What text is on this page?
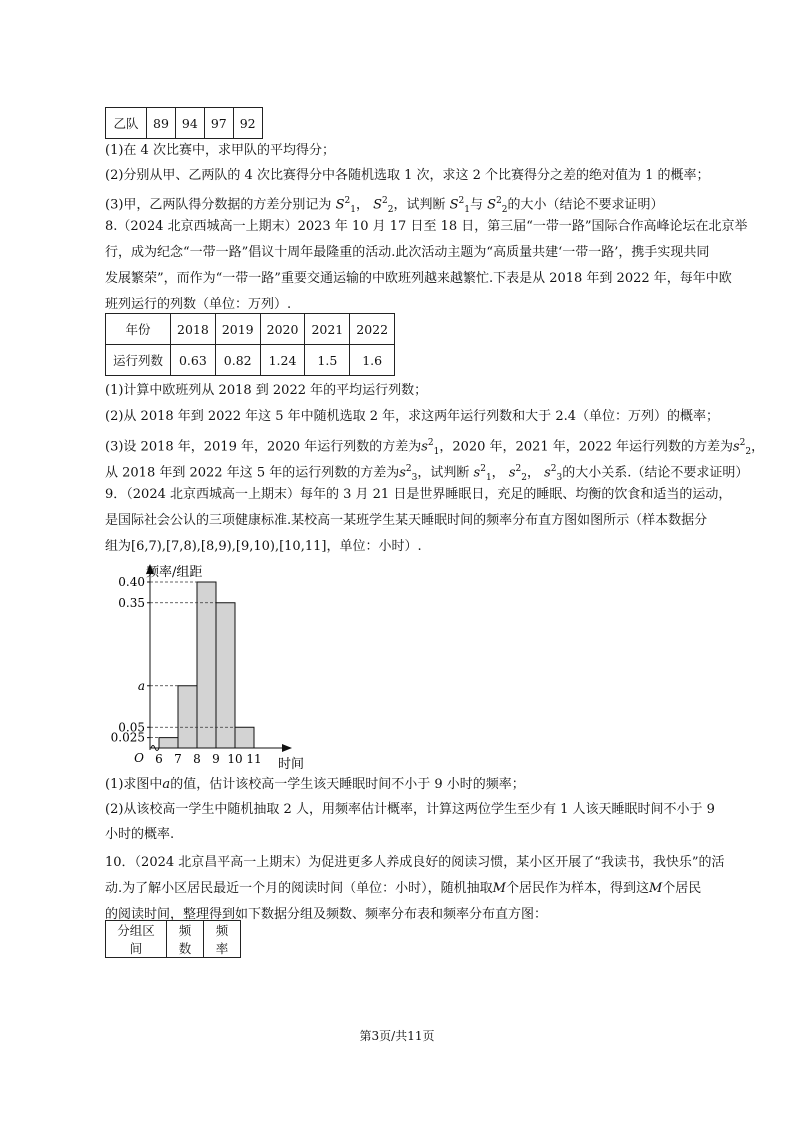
乙队	89	94	97	92
(1)在 4 次比赛中，求甲队的平均得分；
(2)分别从甲、乙两队的 4 次比赛得分中各随机选取 1 次，求这 2 个比赛得分之差的绝对值为 1 的概率；
(3)甲，乙两队得分数据的方差分别记为 $S^2_1$， $S^2_2$，试判断 $S^2_1$与 $S^2_2$的大小（结论不要求证明）
8.（2024 北京西城高一上期末）2023 年 10 月 17 日至 18 日，第三届“一带一路”国际合作高峰论坛在北京举
行，成为纪念“一带一路”倡议十周年最隆重的活动.此次活动主题为“高质量共建‘一带一路’，携手实现共同
发展繁荣”，而作为“一带一路”重要交通运输的中欧班列越来越繁忙.下表是从 2018 年到 2022 年，每年中欧
班列运行的列数（单位：万列）.
年份	2018	2019	2020	2021	2022
运行列数	0.63	0.82	1.24	1.5	1.6
(1)计算中欧班列从 2018 到 2022 年的平均运行列数；
(2)从 2018 年到 2022 年这 5 年中随机选取 2 年，求这两年运行列数和大于 2.4（单位：万列）的概率；
(3)设 2018 年，2019 年，2020 年运行列数的方差为$s^2_1$，2020 年，2021 年，2022 年运行列数的方差为$s^2_2$，
从 2018 年到 2022 年这 5 年的运行列数的方差为$s^2_3$，试判断 $s^2_1$， $s^2_2$， $s^2_3$的大小关系.（结论不要求证明）
9．（2024 北京西城高一上期末）每年的 3 月 21 日是世界睡眠日，充足的睡眠、均衡的饮食和适当的运动，
是国际社会公认的三项健康标准.某校高一某班学生某天睡眠时间的频率分布直方图如图所示（样本数据分
组为[6,7),[7,8),[8,9),[9,10),[10,11]，单位：小时）.
0.40
0.35
a
0.05
0.025
6 7 8 9 10 11
频率/组距
时间
O
(1)求图中a的值，估计该校高一学生该天睡眠时间不小于 9 小时的频率；
(2)从该校高一学生中随机抽取 2 人，用频率估计概率，计算这两位学生至少有 1 人该天睡眠时间不小于 9
小时的概率.
10．（2024 北京昌平高一上期末）为促进更多人养成良好的阅读习惯，某小区开展了“我读书，我快乐”的活
动.为了解小区居民最近一个月的阅读时间（单位：小时），随机抽取M个居民作为样本，得到这M个居民
的阅读时间，整理得到如下数据分组及频数、频率分布表和频率分布直方图：
分组区间	频数	频率
第3页/共11页
